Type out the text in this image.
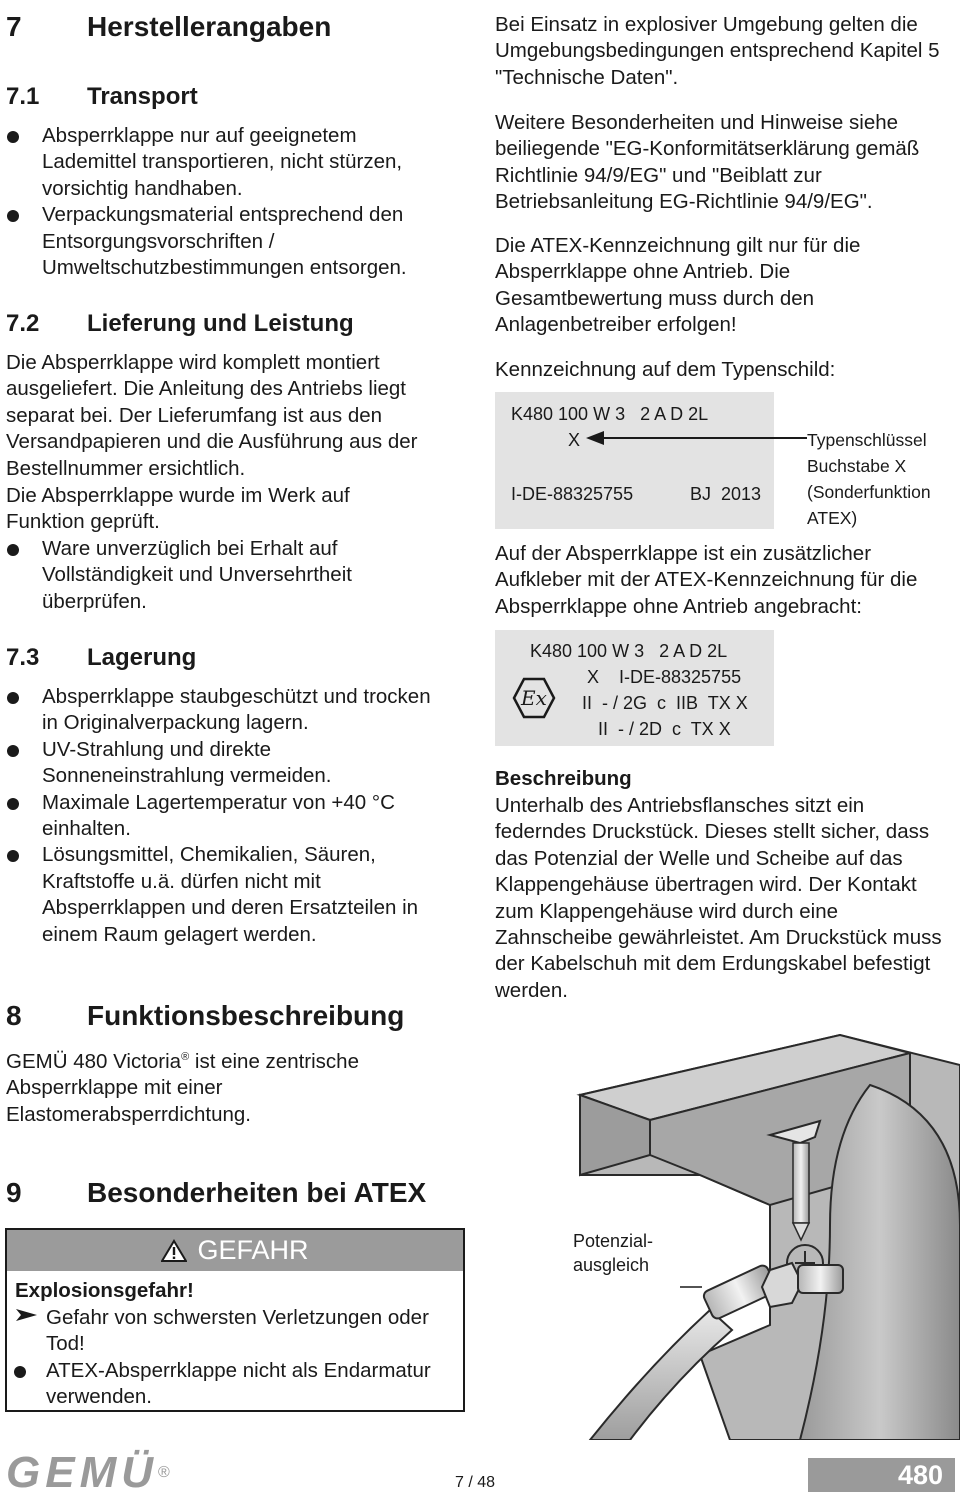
7 Herstellerangaben
7.1 Transport
Absperrklappe nur auf geeignetem Lademittel transportieren, nicht stürzen, vorsichtig handhaben.
Verpackungsmaterial entsprechend den Entsorgungsvorschriften / Umweltschutzbestimmungen entsorgen.
7.2 Lieferung und Leistung
Die Absperrklappe wird komplett montiert ausgeliefert. Die Anleitung des Antriebs liegt separat bei. Der Lieferumfang ist aus den Versandpapieren und die Ausführung aus der Bestellnummer ersichtlich.
Die Absperrklappe wurde im Werk auf Funktion geprüft.
Ware unverzüglich bei Erhalt auf Vollständigkeit und Unversehrtheit überprüfen.
7.3 Lagerung
Absperrklappe staubgeschützt und trocken in Originalverpackung lagern.
UV-Strahlung und direkte Sonneneinstrahlung vermeiden.
Maximale Lagertemperatur von +40 °C einhalten.
Lösungsmittel, Chemikalien, Säuren, Kraftstoffe u.ä. dürfen nicht mit Absperrklappen und deren Ersatzteilen in einem Raum gelagert werden.
8 Funktionsbeschreibung
GEMÜ 480 Victoria® ist eine zentrische Absperrklappe mit einer Elastomerabsperrdichtung.
9 Besonderheiten bei ATEX
GEFAHR
Explosionsgefahr!
Gefahr von schwersten Verletzungen oder Tod!
ATEX-Absperrklappe nicht als Endarmatur verwenden.
Bei Einsatz in explosiver Umgebung gelten die Umgebungsbedingungen entsprechend Kapitel 5 "Technische Daten".
Weitere Besonderheiten und Hinweise siehe beiliegende "EG-Konformitätserklärung gemäß Richtlinie 94/9/EG" und "Beiblatt zur Betriebsanleitung EG-Richtlinie 94/9/EG".
Die ATEX-Kennzeichnung gilt nur für die Absperrklappe ohne Antrieb. Die Gesamtbewertung muss durch den Anlagenbetreiber erfolgen!
Kennzeichnung auf dem Typenschild:
K480 100 W 3   2 A D 2L
X
I-DE-88325755	BJ  2013
Typenschlüssel
Buchstabe X
(Sonderfunktion
ATEX)
Auf der Absperrklappe ist ein zusätzlicher Aufkleber mit der ATEX-Kennzeichnung für die Absperrklappe ohne Antrieb angebracht:
Ex
K480 100 W 3   2 A D 2L
X    I-DE-88325755
II  - / 2G  c  IIB  TX X
II  - / 2D  c  TX X
Beschreibung
Unterhalb des Antriebsflansches sitzt ein federndes Druckstück. Dieses stellt sicher, dass das Potenzial der Welle und Scheibe auf das Klappengehäuse übertragen wird. Der Kontakt zum Klappengehäuse wird durch eine Zahnscheibe gewährleistet. Am Druckstück muss der Kabelschuh mit dem Erdungskabel befestigt werden.
Potenzial-
ausgleich
GEMÜ®
7 / 48	480
